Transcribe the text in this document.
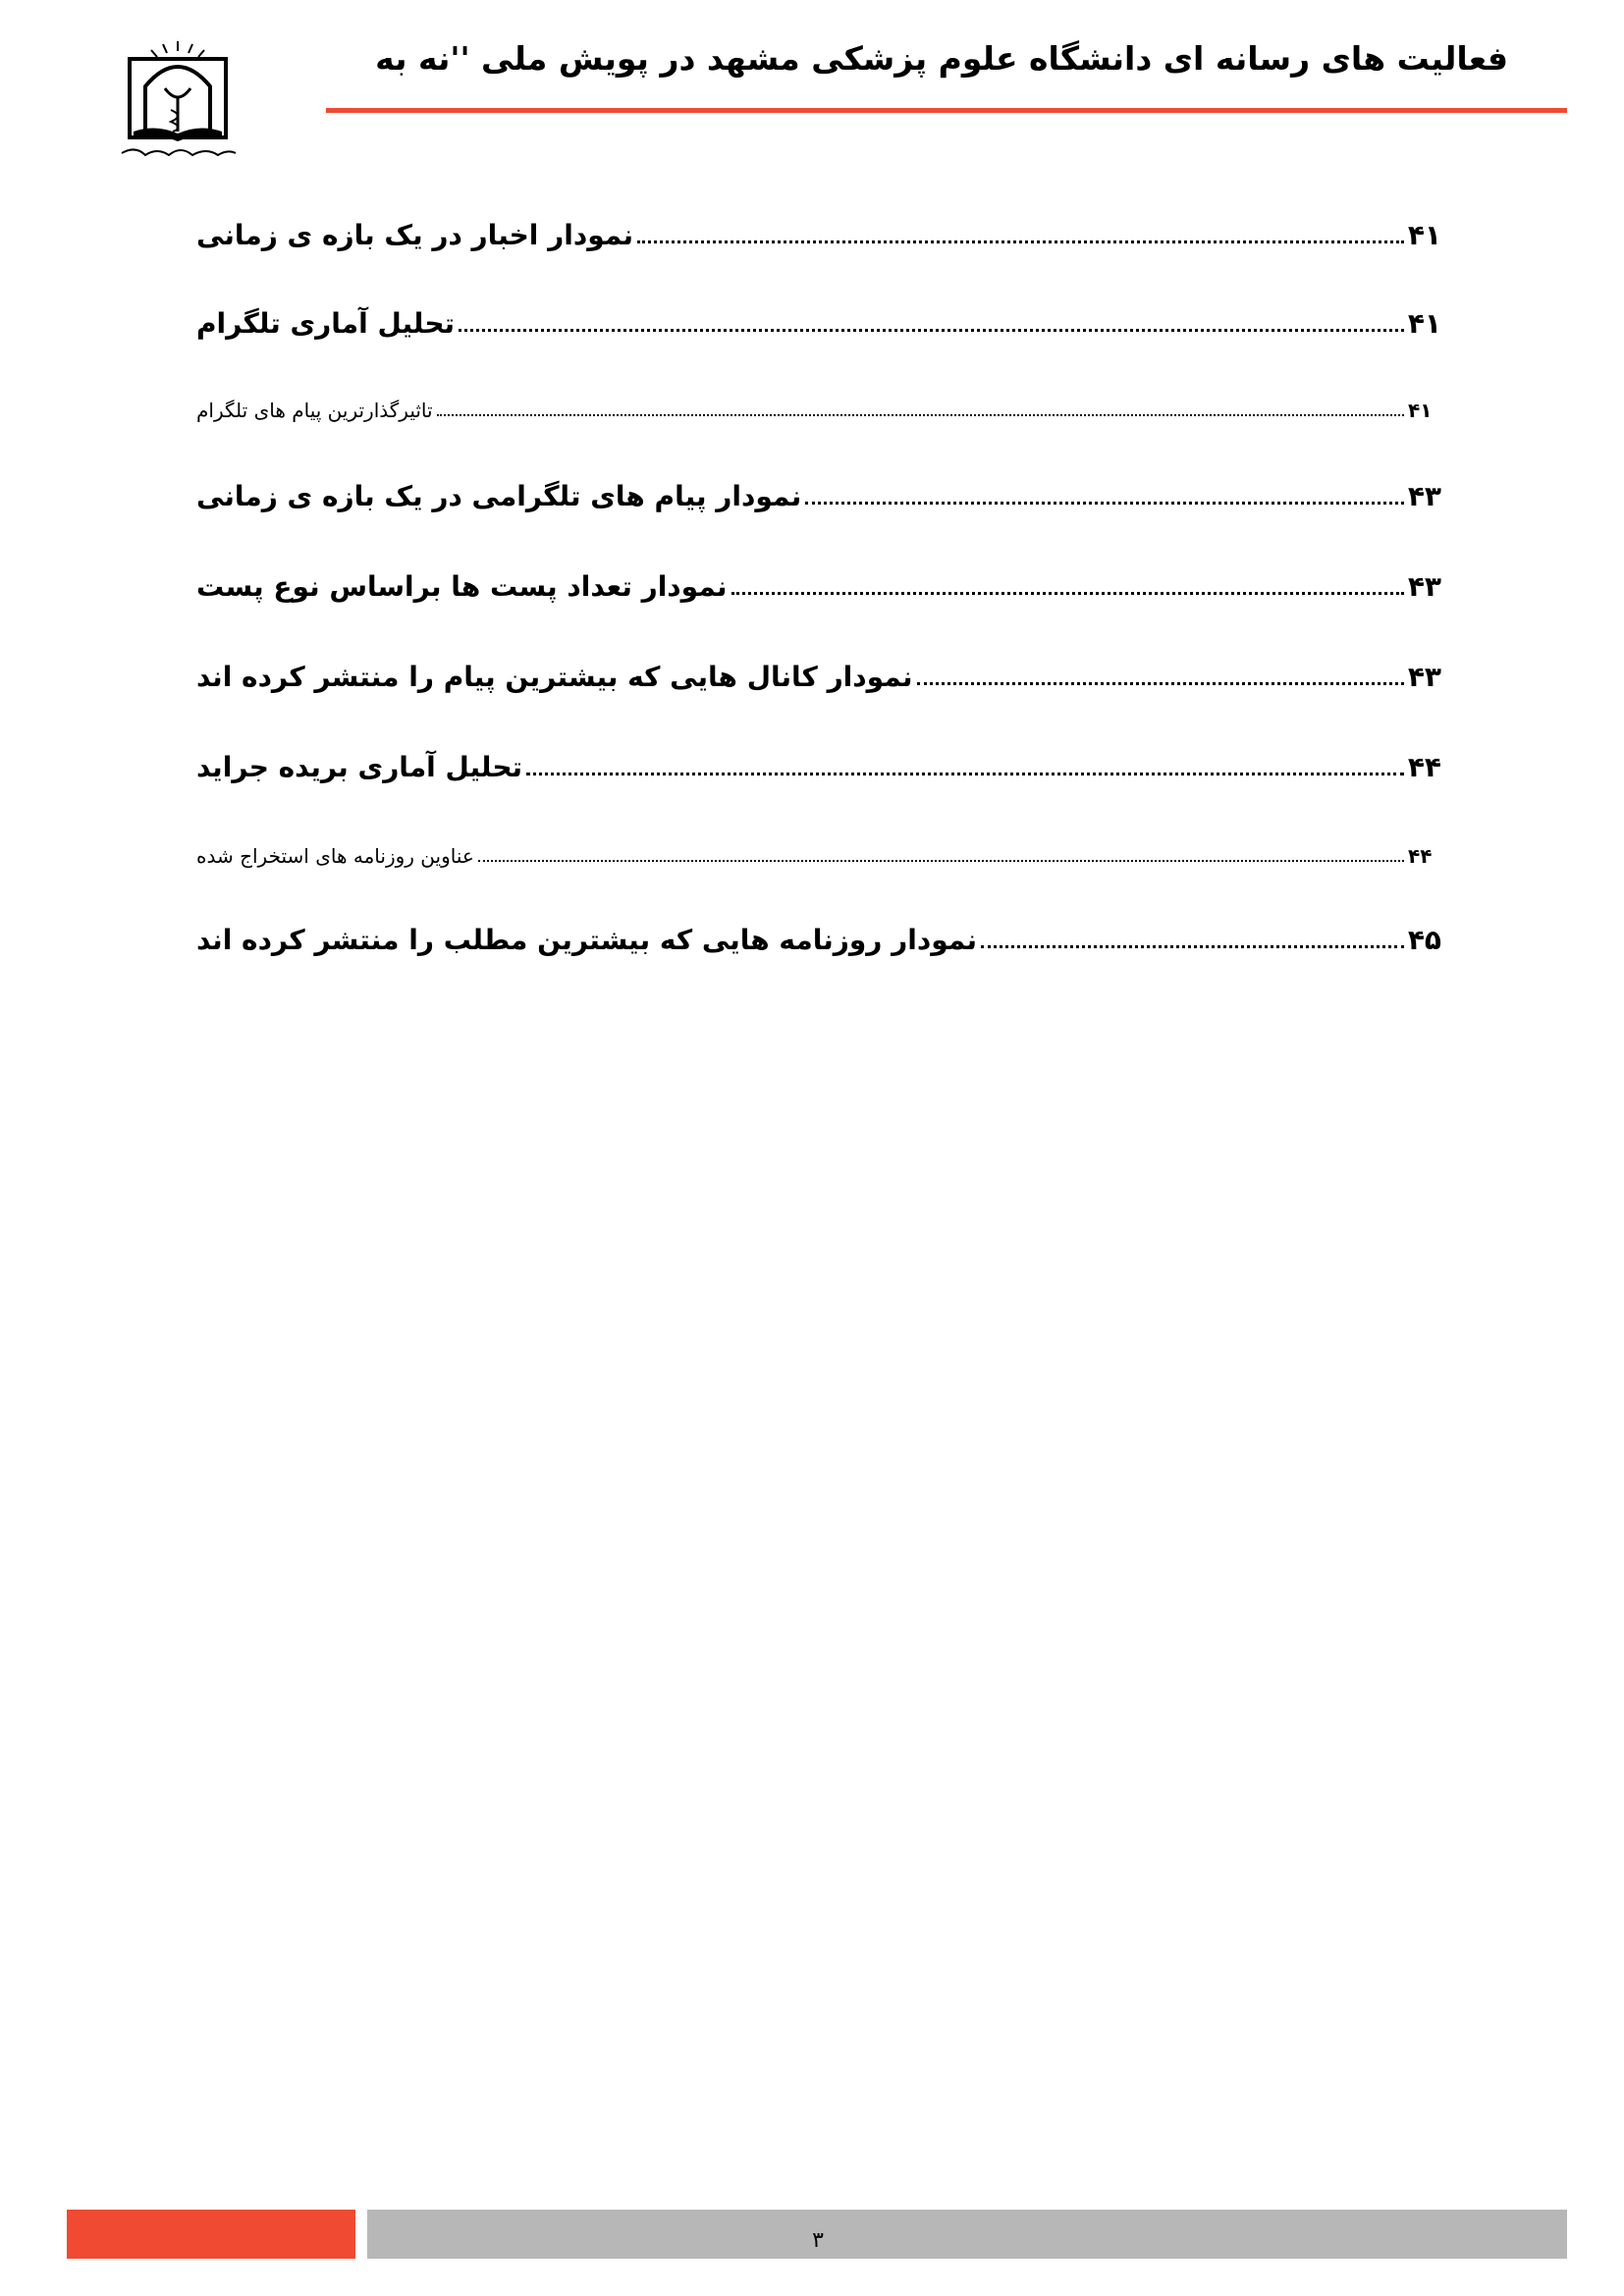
فعالیت های رسانه ای دانشگاه علوم پزشکی مشهد در پویش ملی ''نه به
نمودار اخبار در یک بازه ی زمانی	۴۱
تحلیل آماری تلگرام	۴۱
تاثیرگذارترین پیام های تلگرام	۴۱
نمودار پیام های تلگرامی در یک بازه ی زمانی	۴۳
نمودار تعداد پست ها براساس نوع پست	۴۳
نمودار کانال هایی که بیشترین پیام را منتشر کرده اند	۴۳
تحلیل آماری بریده جراید	۴۴
عناوین روزنامه های استخراج شده	۴۴
نمودار روزنامه هایی که بیشترین مطلب را منتشر کرده اند	۴۵
۳
